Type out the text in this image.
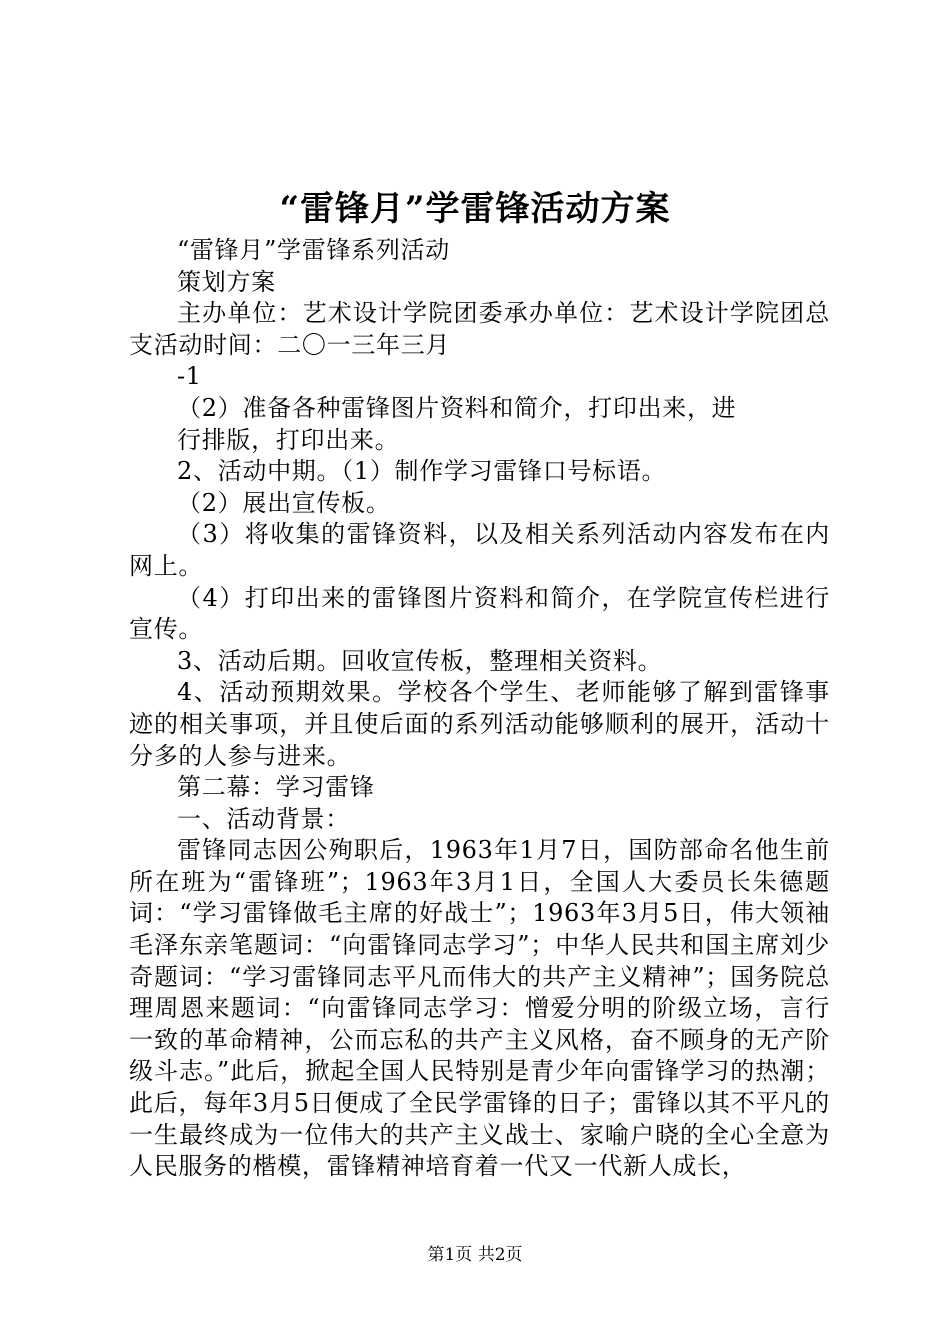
“雷锋月”学雷锋活动方案

“雷锋月”学雷锋系列活动

策划方案

主办单位：艺术设计学院团委承办单位：艺术设计学院团总支活动时间：二〇一三年三月

-1

（2）准备各种雷锋图片资料和简介，打印出来，进

行排版，打印出来。

2、活动中期。（1）制作学习雷锋口号标语。

（2）展出宣传板。

（3）将收集的雷锋资料，以及相关系列活动内容发布在内网上。

（4）打印出来的雷锋图片资料和简介，在学院宣传栏进行宣传。

3、活动后期。回收宣传板，整理相关资料。

4、活动预期效果。学校各个学生、老师能够了解到雷锋事迹的相关事项，并且使后面的系列活动能够顺利的展开，活动十分多的人参与进来。

第二幕：学习雷锋

一、活动背景：

雷锋同志因公殉职后，1963年1月7日，国防部命名他生前所在班为“雷锋班”；1963年3月1日，全国人大委员长朱德题词：“学习雷锋做毛主席的好战士”；1963年3月5日，伟大领袖毛泽东亲笔题词：“向雷锋同志学习”；中华人民共和国主席刘少奇题词：“学习雷锋同志平凡而伟大的共产主义精神”；国务院总理周恩来题词：“向雷锋同志学习：憎爱分明的阶级立场，言行一致的革命精神，公而忘私的共产主义风格，奋不顾身的无产阶级斗志。”此后，掀起全国人民特别是青少年向雷锋学习的热潮；此后，每年3月5日便成了全民学雷锋的日子；雷锋以其不平凡的一生最终成为一位伟大的共产主义战士、家喻户晓的全心全意为人民服务的楷模，雷锋精神培育着一代又一代新人成长，

第1页 共2页
